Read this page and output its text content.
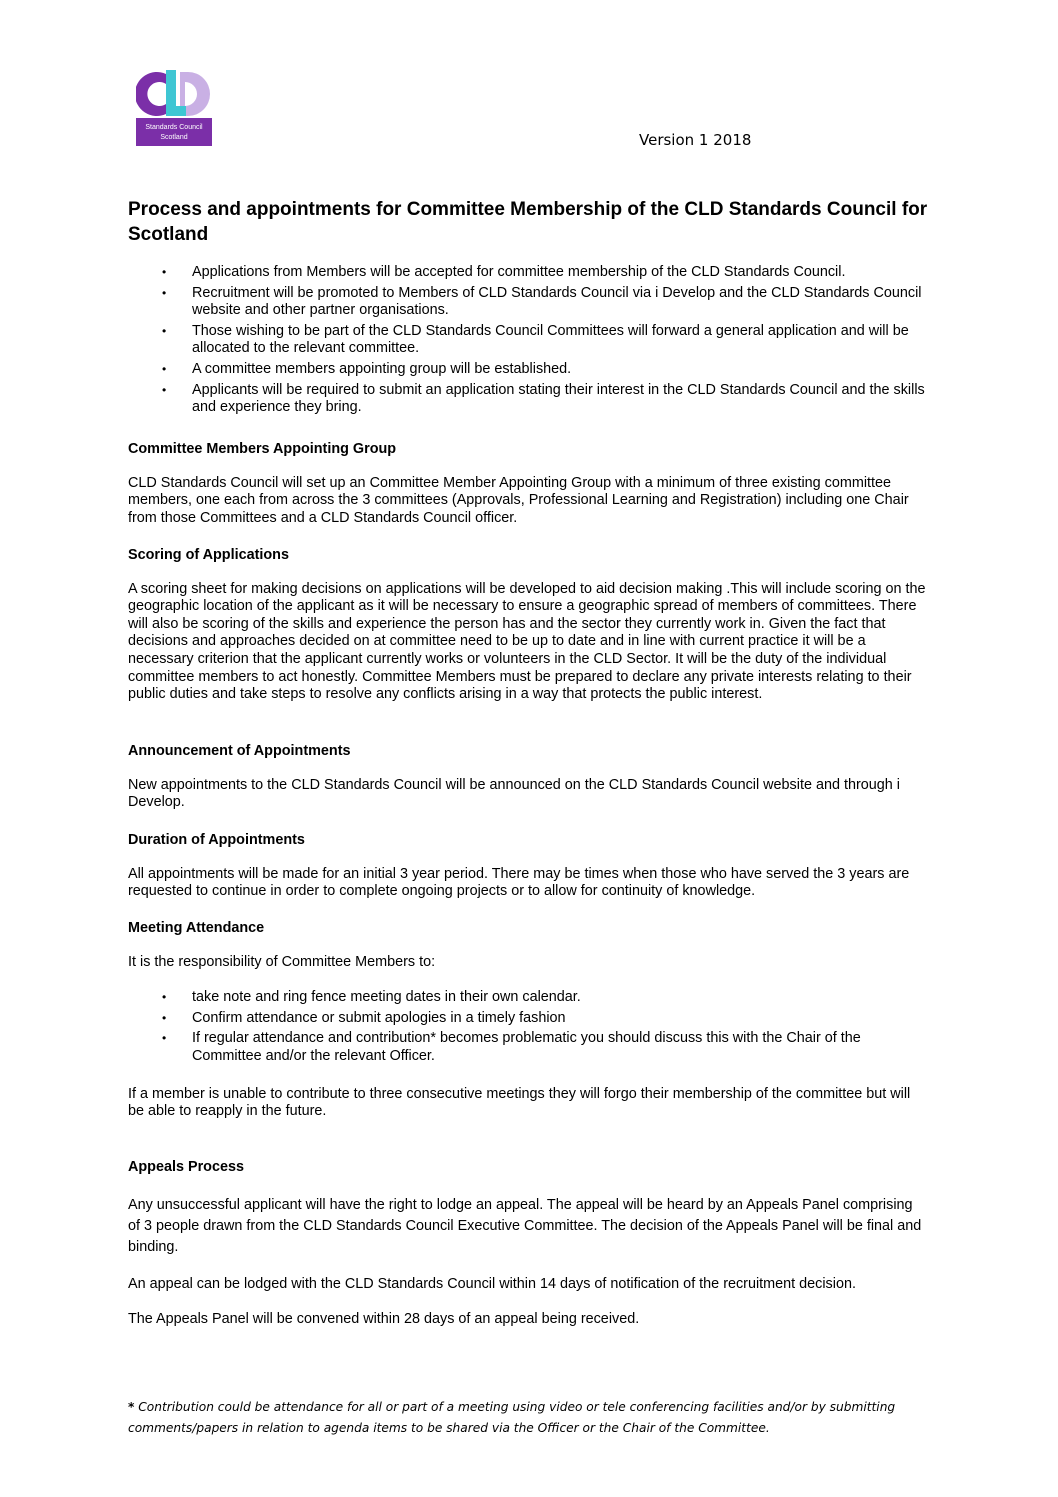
Standards Council
Scotland	Version 1 2018
Process and appointments for Committee Membership of the CLD Standards Council for Scotland
• Applications from Members will be accepted for committee membership of the CLD Standards Council.
• Recruitment will be promoted to Members of CLD Standards Council via i Develop and the CLD Standards Council website and other partner organisations.
• Those wishing to be part of the CLD Standards Council Committees will forward a general application and will be allocated to the relevant committee.
• A committee members appointing group will be established.
• Applicants will be required to submit an application stating their interest in the CLD Standards Council and the skills and experience they bring.

Committee Members Appointing Group

CLD Standards Council will set up an Committee Member Appointing Group with a minimum of three existing committee members, one each from across the 3 committees (Approvals, Professional Learning and Registration) including one Chair from those Committees and a CLD Standards Council officer.

Scoring of Applications

A scoring sheet for making decisions on applications will be developed to aid decision making .This will include scoring on the geographic location of the applicant as it will be necessary to ensure a geographic spread of members of committees. There will also be scoring of the skills and experience the person has and the sector they currently work in. Given the fact that decisions and approaches decided on at committee need to be up to date and in line with current practice it will be a necessary criterion that the applicant currently works or volunteers in the CLD Sector. It will be the duty of the individual committee members to act honestly. Committee Members must be prepared to declare any private interests relating to their public duties and take steps to resolve any conflicts arising in a way that protects the public interest.

Announcement of Appointments

New appointments to the CLD Standards Council will be announced on the CLD Standards Council website and through i Develop.

Duration of Appointments

All appointments will be made for an initial 3 year period. There may be times when those who have served the 3 years are requested to continue in order to complete ongoing projects or to allow for continuity of knowledge.

Meeting Attendance

It is the responsibility of Committee Members to:

• take note and ring fence meeting dates in their own calendar.
• Confirm attendance or submit apologies in a timely fashion
• If regular attendance and contribution* becomes problematic you should discuss this with the Chair of the Committee and/or the relevant Officer.

If a member is unable to contribute to three consecutive meetings they will forgo their membership of the committee but will be able to reapply in the future.

Appeals Process

Any unsuccessful applicant will have the right to lodge an appeal. The appeal will be heard by an Appeals Panel comprising of 3 people drawn from the CLD Standards Council Executive Committee. The decision of the Appeals Panel will be final and binding.

An appeal can be lodged with the CLD Standards Council within 14 days of notification of the recruitment decision.

The Appeals Panel will be convened within 28 days of an appeal being received.

* Contribution could be attendance for all or part of a meeting using video or tele conferencing facilities and/or by submitting comments/papers in relation to agenda items to be shared via the Officer or the Chair of the Committee.
